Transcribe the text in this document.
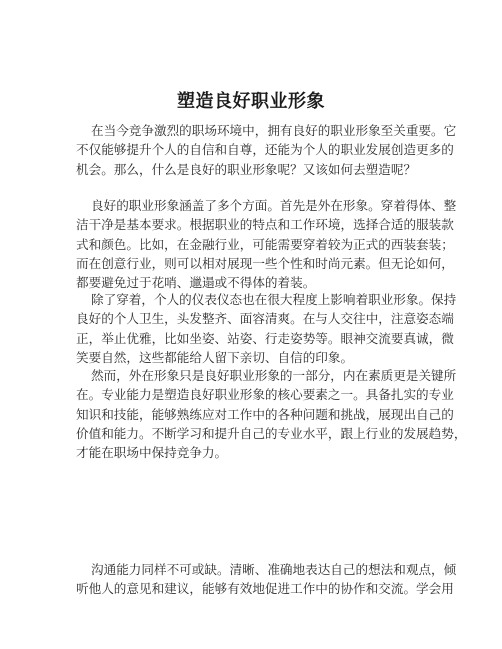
塑造良好职业形象
在当今竞争激烈的职场环境中，拥有良好的职业形象至关重要。它
不仅能够提升个人的自信和自尊，还能为个人的职业发展创造更多的
机会。那么，什么是良好的职业形象呢？又该如何去塑造呢？
良好的职业形象涵盖了多个方面。首先是外在形象。穿着得体、整
洁干净是基本要求。根据职业的特点和工作环境，选择合适的服装款
式和颜色。比如，在金融行业，可能需要穿着较为正式的西装套装；
而在创意行业，则可以相对展现一些个性和时尚元素。但无论如何，
都要避免过于花哨、邋遢或不得体的着装。
除了穿着，个人的仪表仪态也在很大程度上影响着职业形象。保持
良好的个人卫生，头发整齐、面容清爽。在与人交往中，注意姿态端
正，举止优雅，比如坐姿、站姿、行走姿势等。眼神交流要真诚，微
笑要自然，这些都能给人留下亲切、自信的印象。
然而，外在形象只是良好职业形象的一部分，内在素质更是关键所
在。专业能力是塑造良好职业形象的核心要素之一。具备扎实的专业
知识和技能，能够熟练应对工作中的各种问题和挑战，展现出自己的
价值和能力。不断学习和提升自己的专业水平，跟上行业的发展趋势，
才能在职场中保持竞争力。
沟通能力同样不可或缺。清晰、准确地表达自己的想法和观点，倾
听他人的意见和建议，能够有效地促进工作中的协作和交流。学会用
